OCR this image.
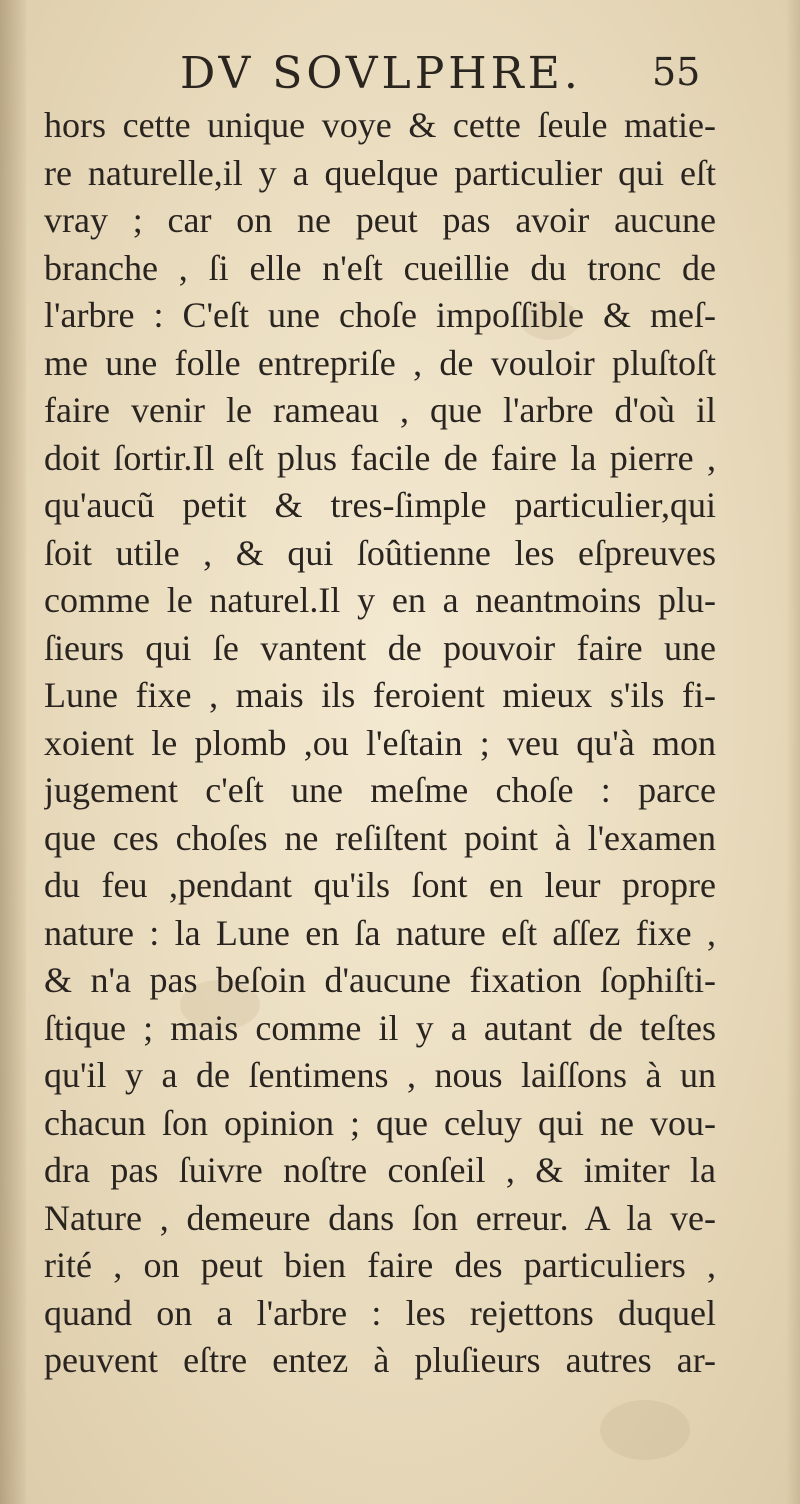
DV SOVLPHRE. 55
hors cette unique voye & cette ſeule matie-
re naturelle,il y a quelque particulier qui eſt
vray ; car on ne peut pas avoir aucune
branche , ſi elle n'eſt cueillie du tronc de
l'arbre : C'eſt une choſe impoſſible & meſ-
me une folle entrepriſe , de vouloir pluſtoſt
faire venir le rameau , que l'arbre d'où il
doit ſortir.Il eſt plus facile de faire la pierre ,
qu'aucũ petit & tres-ſimple particulier,qui
ſoit utile , & qui ſoûtienne les eſpreuves
comme le naturel.Il y en a neantmoins plu-
ſieurs qui ſe vantent de pouvoir faire une
Lune fixe , mais ils feroient mieux s'ils fi-
xoient le plomb ,ou l'eſtain ; veu qu'à mon
jugement c'eſt une meſme choſe : parce
que ces choſes ne reſiſtent point à l'examen
du feu ,pendant qu'ils ſont en leur propre
nature : la Lune en ſa nature eſt aſſez fixe ,
& n'a pas beſoin d'aucune fixation ſophiſti-
ſtique ; mais comme il y a autant de teſtes
qu'il y a de ſentimens , nous laiſſons à un
chacun ſon opinion ; que celuy qui ne vou-
dra pas ſuivre noſtre conſeil , & imiter la
Nature , demeure dans ſon erreur. A la ve-
rité , on peut bien faire des particuliers ,
quand on a l'arbre : les rejettons duquel
peuvent eſtre entez à pluſieurs autres ar-
